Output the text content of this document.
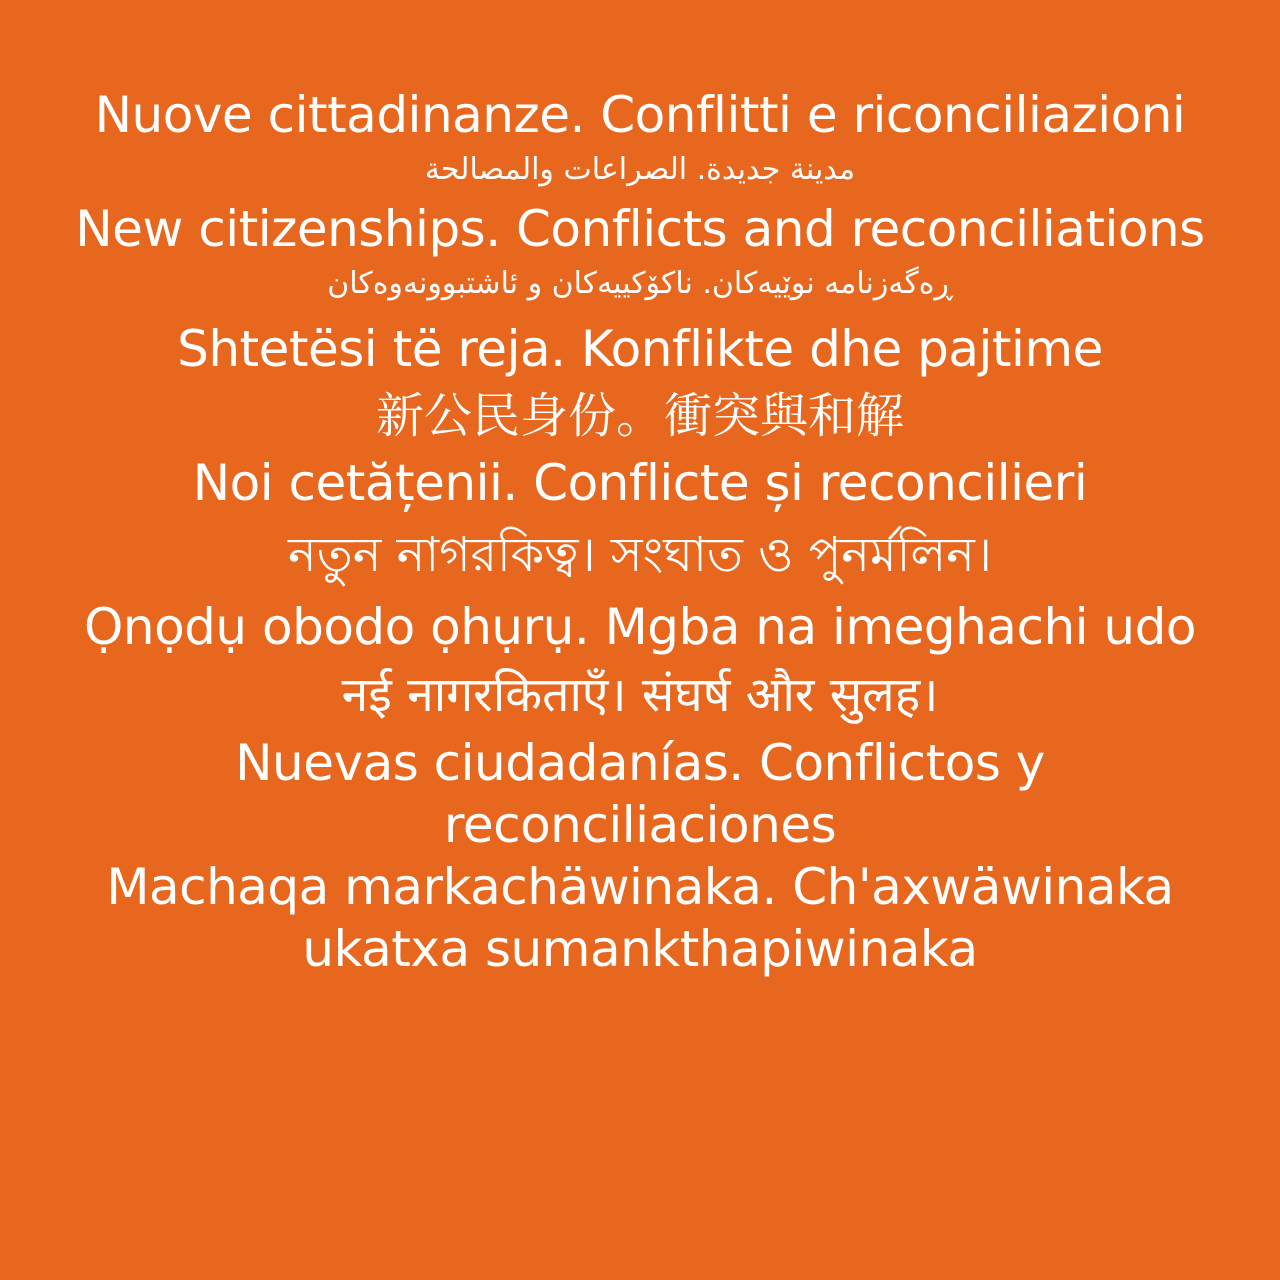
Nuove cittadinanze. Conflitti e riconciliazioni
مدينة جديدة. الصراعات والمصالحة
New citizenships. Conflicts and reconciliations
ڕەگەزنامە نوێیەکان. ناکۆکییەکان و ئاشتبوونەوەکان
Shtetësi të reja. Konflikte dhe pajtime
新公民身份。衝突與和解
Noi cetățenii. Conflicte și reconcilieri
নতুন নাগরকিত্ব। সংঘাত ও পুনর্মলিন।
Ọnọdụ obodo ọhụrụ. Mgba na imeghachi udo
नई नागरकिताएँ। संघर्ष और सुलह।
Nuevas ciudadanías. Conflictos y reconciliaciones
Machaqa markachäwinaka. Ch'axwäwinaka ukatxa sumankthapiwinaka
